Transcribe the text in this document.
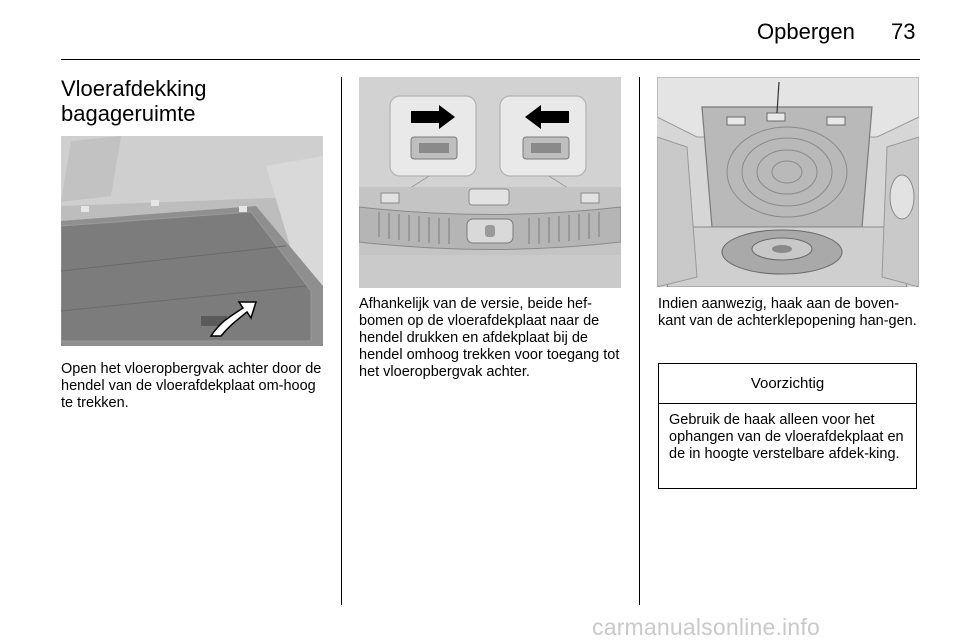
Opbergen 73
Vloerafdekking
bagageruimte

Open het vloeropbergvak achter door de hendel van de vloerafdekplaat om-hoog te trekken.

Afhankelijk van de versie, beide hef-bomen op de vloerafdekplaat naar de hendel drukken en afdekplaat bij de hendel omhoog trekken voor toegang tot het vloeropbergvak achter.

Indien aanwezig, haak aan de boven-kant van de achterklepopening han-gen.

Voorzichtig
Gebruik de haak alleen voor het ophangen van de vloerafdekplaat en de in hoogte verstelbare afdek-king.
carmanualsonline.info
